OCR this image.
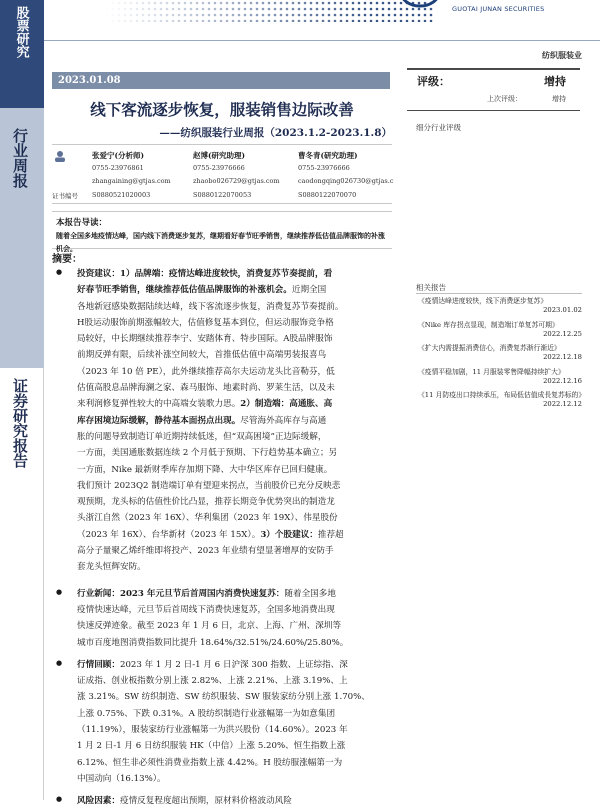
股票研究
行业周报
证券研究报告
GUOTAI JUNAN SECURITIES
纺织服装业
2023.01.08
线下客流逐步恢复，服装销售边际改善
——纺织服装行业周报（2023.1.2-2023.1.8）
评级：	增持
上次评级：	增持
细分行业评级
张爱宁(分析师)
0755-23976861
zhangaining@gtjas.com
S0880521020003
赵博(研究助理)
0755-23976666
zhaobo026729@gtjas.com
S0880122070053
曹冬青(研究助理)
0755-23976666
caodongqing026730@gtjas.c
S0880122070070
证书编号
本报告导读：
随着全国多地疫情达峰，国内线下消费逐步复苏，继期看好春节旺季销售，继续推荐低估值品牌服饰的补涨机会。
摘要：
● 投资建议：1）品牌端：疫情达峰进度较快，消费复苏节奏提前，看
好春节旺季销售，继续推荐低估值品牌服饰的补涨机会。近期全国
各地新冠感染数据陆续达峰，线下客流逐步恢复，消费复苏节奏提前。
H股运动服饰前期涨幅较大，估值修复基本到位，但运动服饰竞争格
局较好，中长期继续推荐李宁、安踏体育、特步国际。A股品牌服饰
前期反弹有限，后续补涨空间较大，首推低估值中高端男装报喜鸟
（2023 年 10 倍 PE），此外继续推荐高尔夫运动龙头比音勒芬，低
估值高股息品牌海澜之家、森马服饰、地素时尚、罗莱生活，以及未
来利润修复弹性较大的中高端女装歌力思。2）制造端：高通胀、高
库存困境边际缓解，静待基本面拐点出现。尽管海外高库存与高通
胀的问题导致制造订单近期持续低迷，但“双高困境”正边际缓解，
一方面，美国通胀数据连续 2 个月低于预期、下行趋势基本确立；另
一方面，Nike 最新财季库存加期下降、大中华区库存已回归健康。
我们预计 2023Q2 制造端订单有望迎来拐点，当前股价已充分反映悲
观预期，龙头标的估值性价比凸显，推荐长期竞争优势突出的制造龙
头浙江自然（2023 年 16X）、华利集团（2023 年 19X）、伟星股份
（2023 年 16X）、台华新材（2023 年 15X）。3）个股建议：推荐超
高分子量聚乙烯纤维即将投产、2023 年业绩有望显著增厚的安防手
套龙头恒辉安防。
● 行业新闻：2023 年元旦节后首周国内消费快速复苏：随着全国多地
疫情快速达峰，元旦节后首周线下消费快速复苏，全国多地消费出现
快速反弹迹象。截至 2023 年 1 月 6 日，北京、上海、广州、深圳等
城市百度地图消费指数同比提升 18.64%/32.51%/24.60%/25.80%。
● 行情回顾：2023 年 1 月 2 日-1 月 6 日沪深 300 指数、上证综指、深
证成指、创业板指数分别上涨 2.82%、上涨 2.21%、上涨 3.19%、上
涨 3.21%。SW 纺织制造、SW 纺织服装、SW 服装家纺分别上涨 1.70%、
上涨 0.75%、下跌 0.31%。A 股纺织制造行业涨幅第一为如意集团
（11.19%），服装家纺行业涨幅第一为洪兴股份（14.60%）。2023 年
1 月 2 日-1 月 6 日纺织服装 HK（中信）上涨 5.20%、恒生指数上涨
6.12%、恒生非必须性消费业指数上涨 4.42%。H 股纺服涨幅第一为
中国动向（16.13%）。
● 风险因素：疫情反复程度超出预期，原材料价格波动风险
相关报告
《疫情达峰进度较快，线下消费逐步复苏》
2023.01.02
《Nike 库存拐点显现，制造端订单复苏可期》
2022.12.25
《扩大内需提振消费信心，消费复苏渐行渐近》
2022.12.18
《疫情平稳加剧，11 月服装零售降幅持续扩大》
2022.12.16
《11 月防疫出口持续承压，布局低估值成長复苏标的》
2022.12.12
